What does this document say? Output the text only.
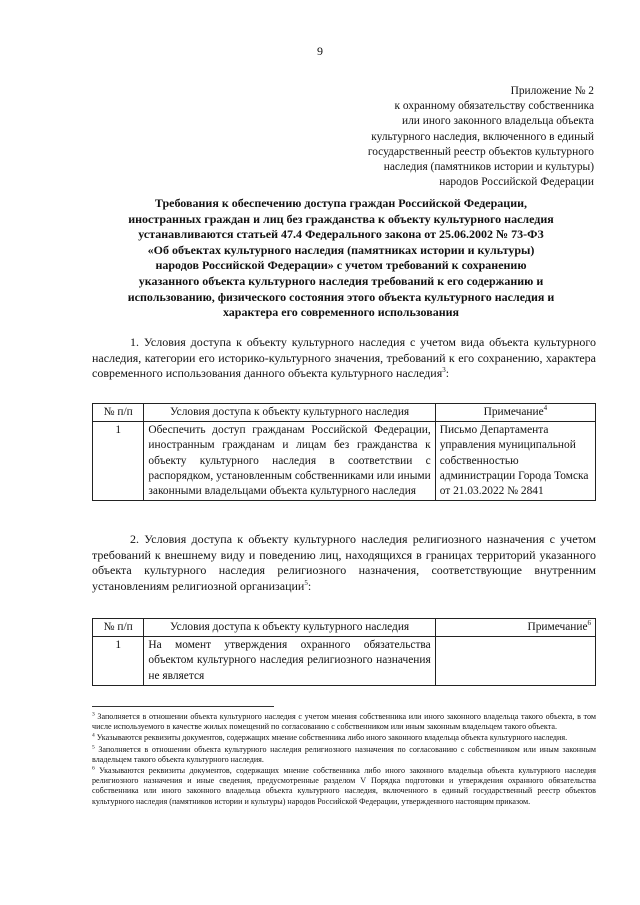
9
Приложение № 2
к охранному обязательству собственника
или иного законного владельца объекта
культурного наследия, включенного в единый
государственный реестр объектов культурного
наследия (памятников истории и культуры)
народов Российской Федерации
Требования к обеспечению доступа граждан Российской Федерации,
иностранных граждан и лиц без гражданства к объекту культурного наследия
устанавливаются статьей 47.4 Федерального закона от 25.06.2002 № 73-ФЗ
«Об объектах культурного наследия (памятниках истории и культуры)
народов Российской Федерации» с учетом требований к сохранению
указанного объекта культурного наследия требований к его содержанию и
использованию, физического состояния этого объекта культурного наследия и
характера его современного использования
1. Условия доступа к объекту культурного наследия с учетом вида объекта культурного наследия, категории его историко-культурного значения, требований к его сохранению, характера современного использования данного объекта культурного наследия$^3$:
№ п/п	Условия доступа к объекту культурного наследия	Примечание$^4$
1	Обеспечить доступ гражданам Российской Федерации, иностранным гражданам и лицам без гражданства к объекту культурного наследия в соответствии с распорядком, установленным собственниками или иными законными владельцами объекта культурного наследия	Письмо Департамента управления муниципальной собственностью администрации Города Томска от 21.03.2022 № 2841
2. Условия доступа к объекту культурного наследия религиозного назначения с учетом требований к внешнему виду и поведению лиц, находящихся в границах территорий указанного объекта культурного наследия религиозного назначения, соответствующие внутренним установлениям религиозной организации$^5$:
№ п/п	Условия доступа к объекту культурного наследия	Примечание$^6$
1	На момент утверждения охранного обязательства объектом культурного наследия религиозного назначения не является	

$^3$ Заполняется в отношении объекта культурного наследия с учетом мнения собственника или иного законного владельца такого объекта, в том числе используемого в качестве жилых помещений по согласованию с собственником или иным законным владельцем такого объекта.

$^4$ Указываются реквизиты документов, содержащих мнение собственника либо иного законного владельца объекта культурного наследия.

$^5$ Заполняется в отношении объекта культурного наследия религиозного назначения по согласованию с собственником или иным законным владельцем такого объекта культурного наследия.

$^6$ Указываются реквизиты документов, содержащих мнение собственника либо иного законного владельца объекта культурного наследия религиозного назначения и иные сведения, предусмотренные разделом V Порядка подготовки и утверждения охранного обязательства собственника или иного законного владельца объекта культурного наследия, включенного в единый государственный реестр объектов культурного наследия (памятников истории и культуры) народов Российской Федерации, утвержденного настоящим приказом.
